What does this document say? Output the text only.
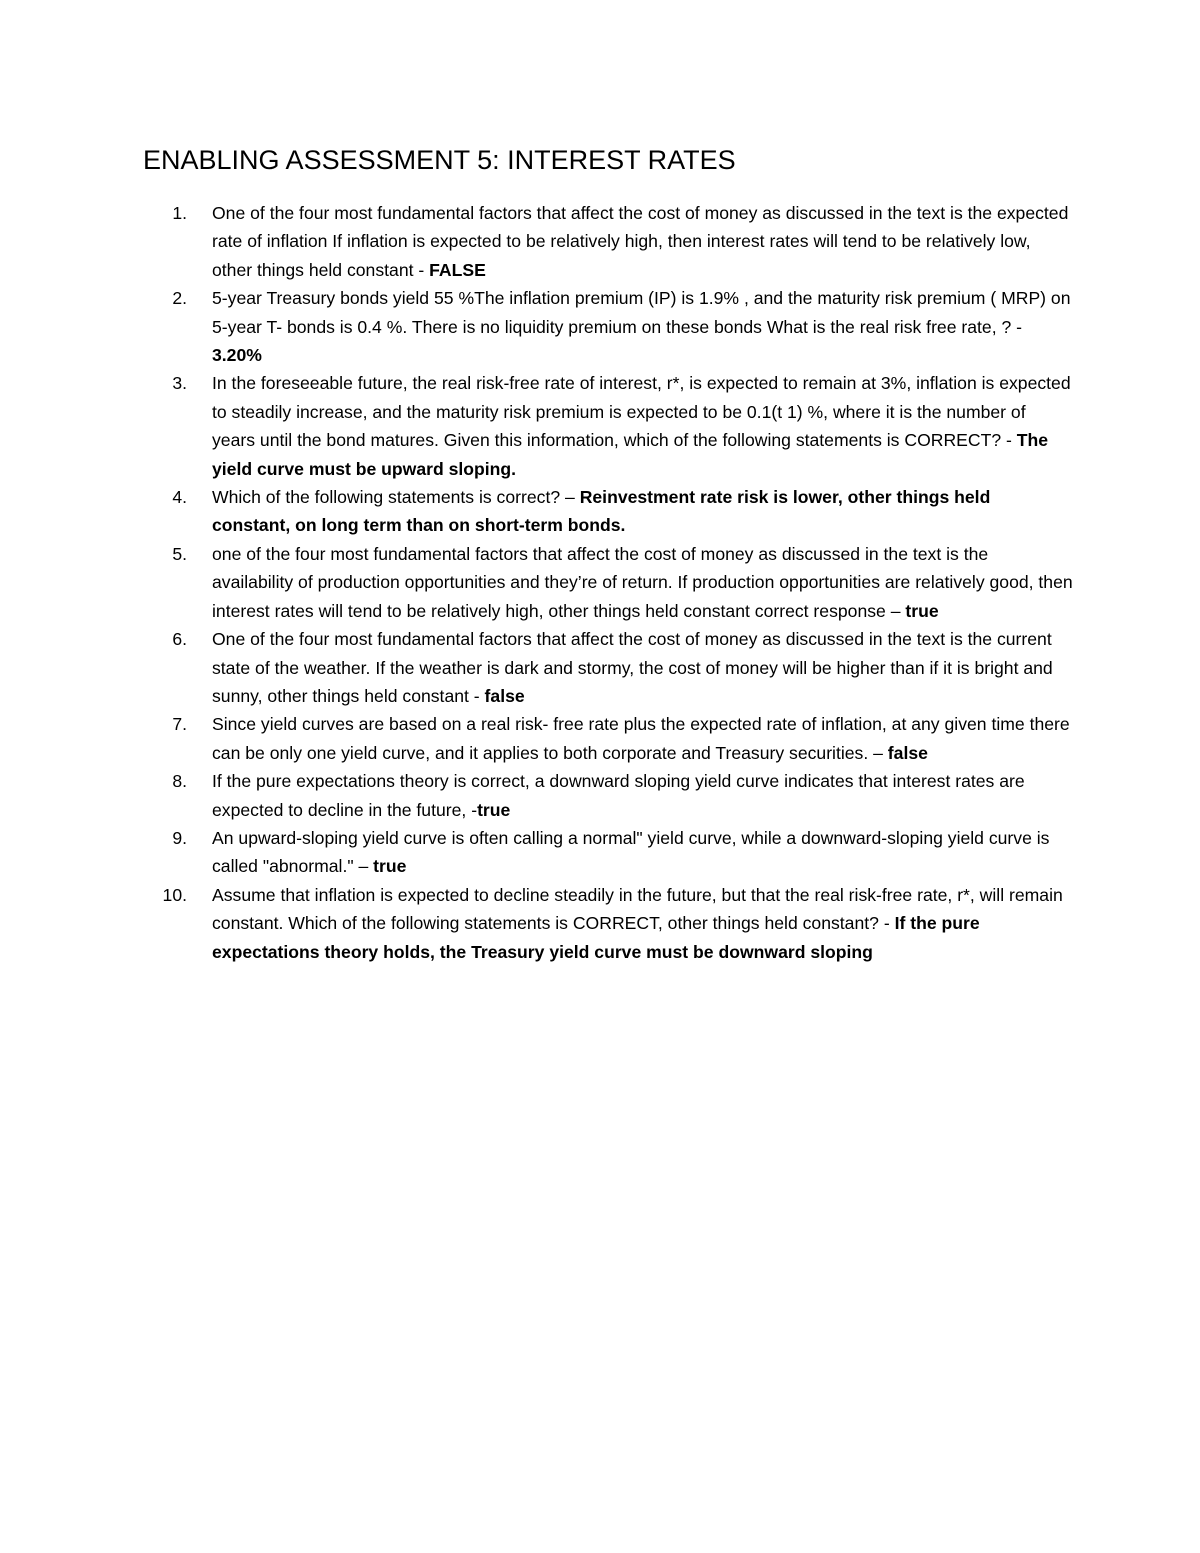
ENABLING ASSESSMENT 5: INTEREST RATES
1. One of the four most fundamental factors that affect the cost of money as discussed in the text is the expected rate of inflation If inflation is expected to be relatively high, then interest rates will tend to be relatively low, other things held constant - FALSE
2. 5-year Treasury bonds yield 55 %The inflation premium (IP) is 1.9% , and the maturity risk premium ( MRP) on 5-year T- bonds is 0.4 %. There is no liquidity premium on these bonds What is the real risk free rate, ? - 3.20%
3. In the foreseeable future, the real risk-free rate of interest, r*, is expected to remain at 3%, inflation is expected to steadily increase, and the maturity risk premium is expected to be 0.1(t 1) %, where it is the number of years until the bond matures. Given this information, which of the following statements is CORRECT? - The yield curve must be upward sloping.
4. Which of the following statements is correct? – Reinvestment rate risk is lower, other things held constant, on long term than on short-term bonds.
5. one of the four most fundamental factors that affect the cost of money as discussed in the text is the availability of production opportunities and they’re of return. If production opportunities are relatively good, then interest rates will tend to be relatively high, other things held constant correct response – true
6. One of the four most fundamental factors that affect the cost of money as discussed in the text is the current state of the weather. If the weather is dark and stormy, the cost of money will be higher than if it is bright and sunny, other things held constant - false
7. Since yield curves are based on a real risk- free rate plus the expected rate of inflation, at any given time there can be only one yield curve, and it applies to both corporate and Treasury securities. – false
8. If the pure expectations theory is correct, a downward sloping yield curve indicates that interest rates are expected to decline in the future, -true
9. An upward-sloping yield curve is often calling a normal" yield curve, while a downward-sloping yield curve is called "abnormal." – true
10. Assume that inflation is expected to decline steadily in the future, but that the real risk-free rate, r*, will remain constant. Which of the following statements is CORRECT, other things held constant? - If the pure expectations theory holds, the Treasury yield curve must be downward sloping
